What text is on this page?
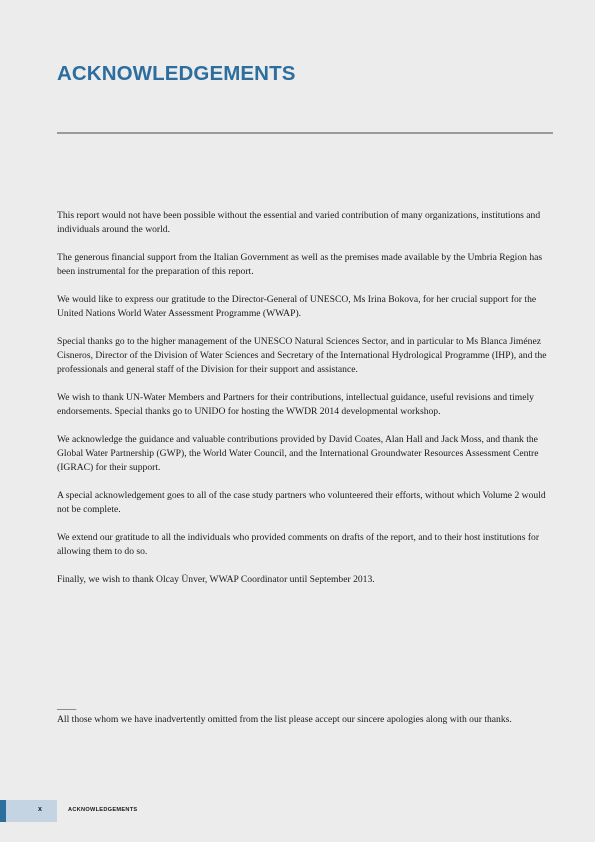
ACKNOWLEDGEMENTS

This report would not have been possible without the essential and varied contribution of many organizations, institutions and individuals around the world.

The generous financial support from the Italian Government as well as the premises made available by the Umbria Region has been instrumental for the preparation of this report.

We would like to express our gratitude to the Director-General of UNESCO, Ms Irina Bokova, for her crucial support for the United Nations World Water Assessment Programme (WWAP).

Special thanks go to the higher management of the UNESCO Natural Sciences Sector, and in particular to Ms Blanca Jiménez Cisneros, Director of the Division of Water Sciences and Secretary of the International Hydrological Programme (IHP), and the professionals and general staff of the Division for their support and assistance.

We wish to thank UN-Water Members and Partners for their contributions, intellectual guidance, useful revisions and timely endorsements. Special thanks go to UNIDO for hosting the WWDR 2014 developmental workshop.

We acknowledge the guidance and valuable contributions provided by David Coates, Alan Hall and Jack Moss, and thank the Global Water Partnership (GWP), the World Water Council, and the International Groundwater Resources Assessment Centre (IGRAC) for their support.

A special acknowledgement goes to all of the case study partners who volunteered their efforts, without which Volume 2 would not be complete.

We extend our gratitude to all the individuals who provided comments on drafts of the report, and to their host institutions for allowing them to do so.

Finally, we wish to thank Olcay Ünver, WWAP Coordinator until September 2013.

____
All those whom we have inadvertently omitted from the list please accept our sincere apologies along with our thanks.
x	ACKNOWLEDGEMENTS
